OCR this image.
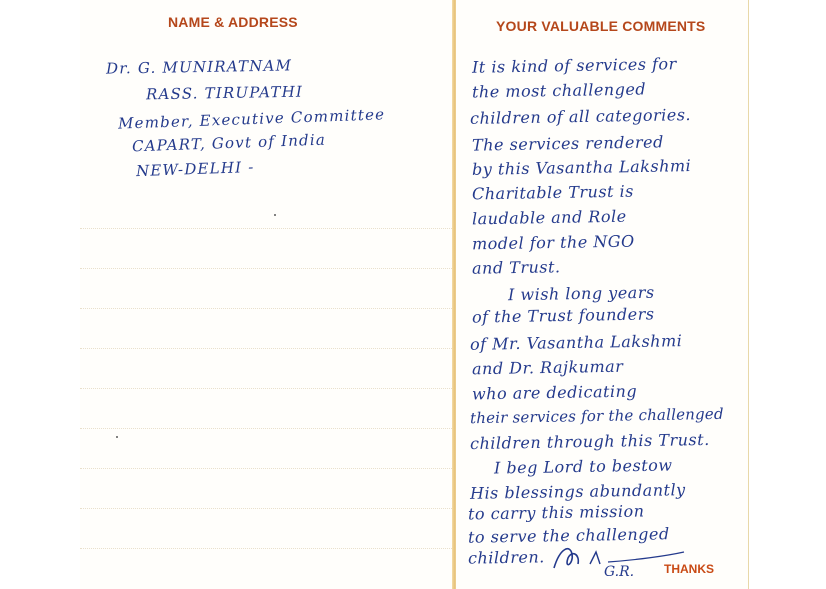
NAME & ADDRESS

Dr. G. MUNIRATNAM

RASS. TIRUPATHI

Member, Executive Committee

CAPART, Govt of India

NEW-DELHI -

YOUR VALUABLE COMMENTS

It is kind of services for

the most challenged

children of all categories.

The services rendered

by this Vasantha Lakshmi

Charitable Trust is

laudable and Role

model for the NGO

and Trust.

I wish long years

of the Trust founders

of Mr. Vasantha Lakshmi

and Dr. Rajkumar

who are dedicating

their services for the challenged

children through this Trust.

I beg Lord to bestow

His blessings abundantly

to carry this mission

to serve the challenged

children.

G.R. THANKS
